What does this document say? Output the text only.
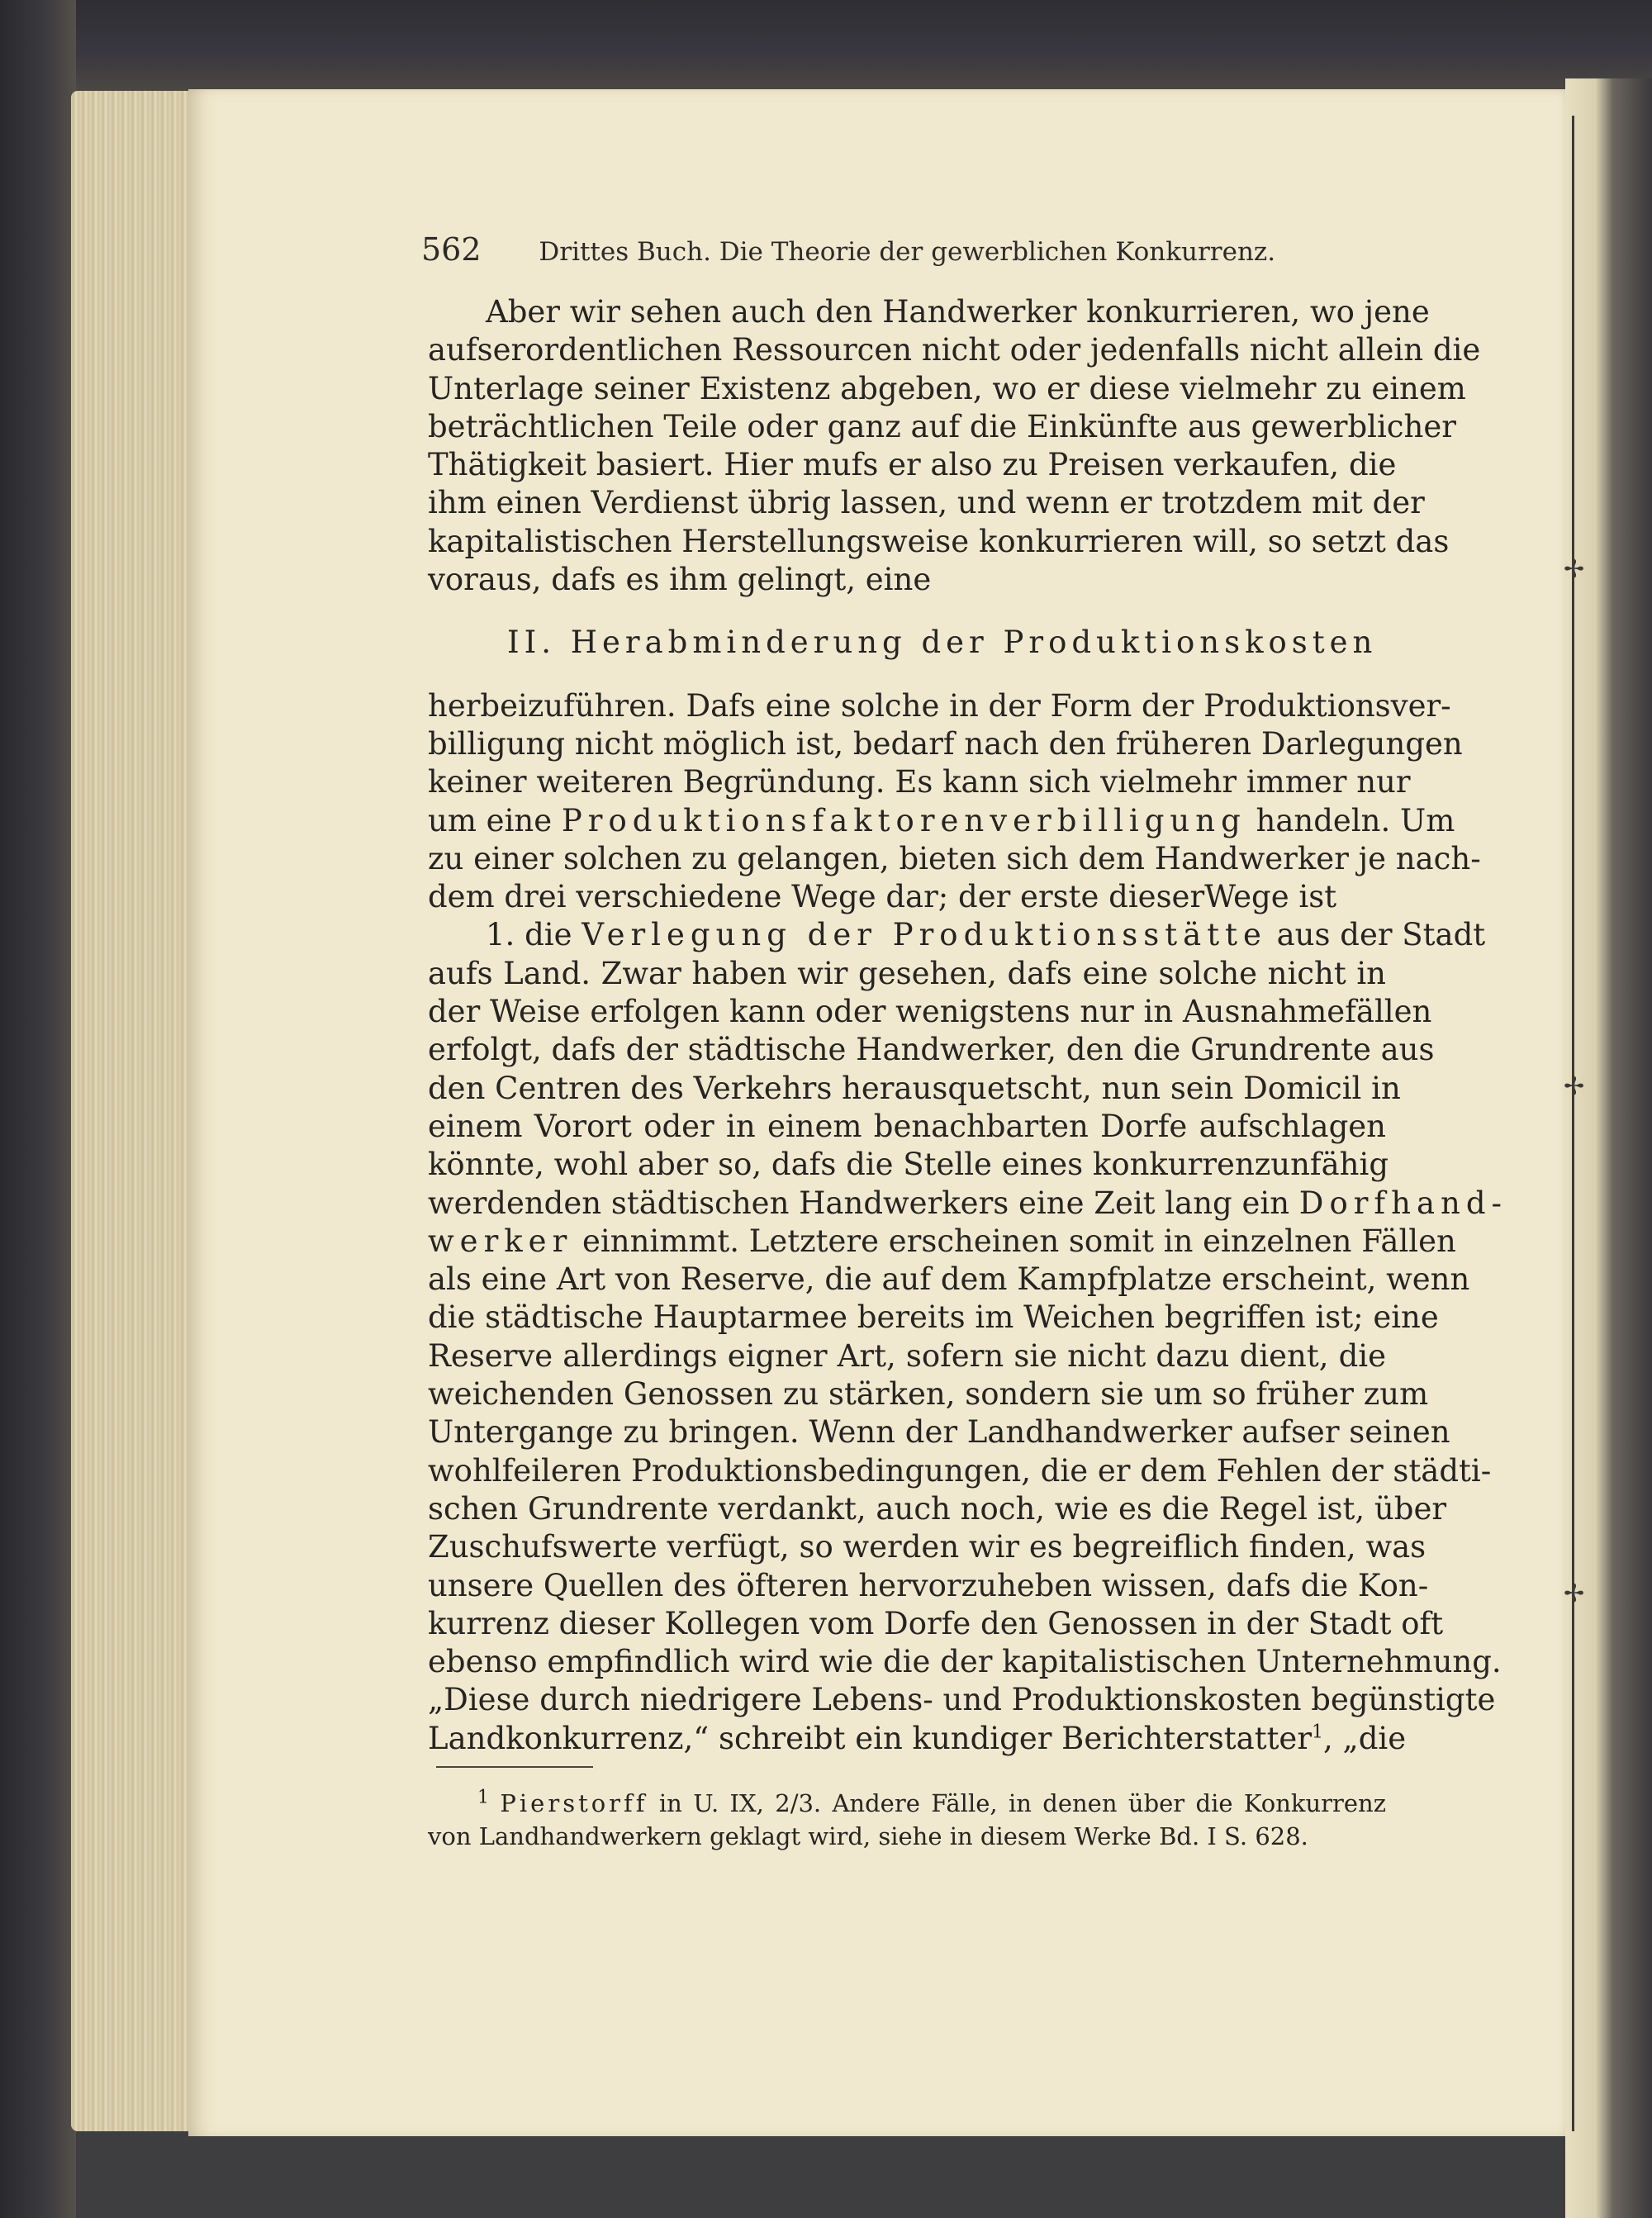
✢
✢
✢
562 Drittes Buch. Die Theorie der gewerblichen Konkurrenz.
Aber wir sehen auch den Handwerker konkurrieren, wo jene
aufserordentlichen Ressourcen nicht oder jedenfalls nicht allein die
Unterlage seiner Existenz abgeben, wo er diese vielmehr zu einem
beträchtlichen Teile oder ganz auf die Einkünfte aus gewerblicher
Thätigkeit basiert. Hier mufs er also zu Preisen verkaufen, die
ihm einen Verdienst übrig lassen, und wenn er trotzdem mit der
kapitalistischen Herstellungsweise konkurrieren will, so setzt das
voraus, dafs es ihm gelingt, eine
II. Herabminderung der Produktionskosten
herbeizuführen. Dafs eine solche in der Form der Produktionsver-
billigung nicht möglich ist, bedarf nach den früheren Darlegungen
keiner weiteren Begründung. Es kann sich vielmehr immer nur
um eine Produktionsfaktorenverbilligung handeln. Um
zu einer solchen zu gelangen, bieten sich dem Handwerker je nach-
dem drei verschiedene Wege dar; der erste dieserWege ist
1. die Verlegung der Produktionsstätte aus der Stadt
aufs Land. Zwar haben wir gesehen, dafs eine solche nicht in
der Weise erfolgen kann oder wenigstens nur in Ausnahmefällen
erfolgt, dafs der städtische Handwerker, den die Grundrente aus
den Centren des Verkehrs herausquetscht, nun sein Domicil in
einem Vorort oder in einem benachbarten Dorfe aufschlagen
könnte, wohl aber so, dafs die Stelle eines konkurrenzunfähig
werdenden städtischen Handwerkers eine Zeit lang ein Dorfhand-
werker einnimmt. Letztere erscheinen somit in einzelnen Fällen
als eine Art von Reserve, die auf dem Kampfplatze erscheint, wenn
die städtische Hauptarmee bereits im Weichen begriffen ist; eine
Reserve allerdings eigner Art, sofern sie nicht dazu dient, die
weichenden Genossen zu stärken, sondern sie um so früher zum
Untergange zu bringen. Wenn der Landhandwerker aufser seinen
wohlfeileren Produktionsbedingungen, die er dem Fehlen der städti-
schen Grundrente verdankt, auch noch, wie es die Regel ist, über
Zuschufswerte verfügt, so werden wir es begreiflich finden, was
unsere Quellen des öfteren hervorzuheben wissen, dafs die Kon-
kurrenz dieser Kollegen vom Dorfe den Genossen in der Stadt oft
ebenso empfindlich wird wie die der kapitalistischen Unternehmung.
„Diese durch niedrigere Lebens- und Produktionskosten begünstigte
Landkonkurrenz,“ schreibt ein kundiger Berichterstatter$^1$, „die
$^1$ Pierstorff in U. IX, 2/3. Andere Fälle, in denen über die Konkurrenz
von Landhandwerkern geklagt wird, siehe in diesem Werke Bd. I S. 628.
